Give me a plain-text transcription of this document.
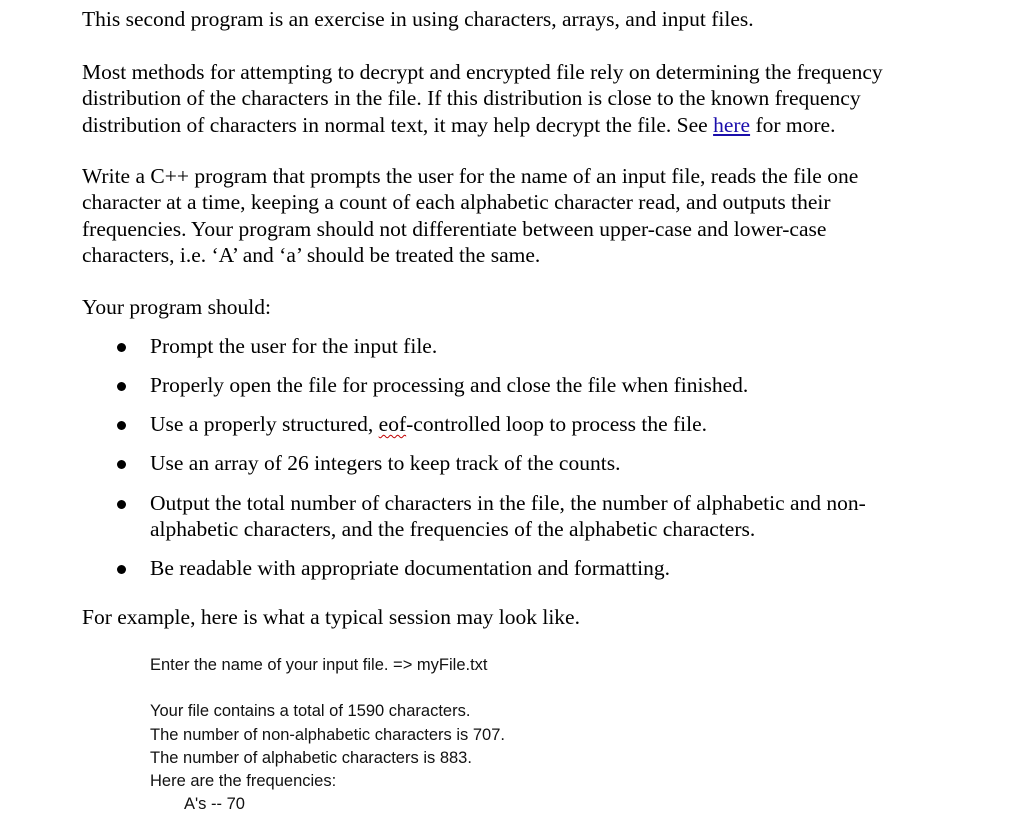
This second program is an exercise in using characters, arrays, and input files.

Most methods for attempting to decrypt and encrypted file rely on determining the frequency
distribution of the characters in the file. If this distribution is close to the known frequency
distribution of characters in normal text, it may help decrypt the file. See here for more.

Write a C++ program that prompts the user for the name of an input file, reads the file one
character at a time, keeping a count of each alphabetic character read, and outputs their
frequencies. Your program should not differentiate between upper-case and lower-case
characters, i.e. ‘A’ and ‘a’ should be treated the same.

Your program should:

Prompt the user for the input file.
Properly open the file for processing and close the file when finished.
Use a properly structured, eof-controlled loop to process the file.
Use an array of 26 integers to keep track of the counts.
Output the total number of characters in the file, the number of alphabetic and non-
alphabetic characters, and the frequencies of the alphabetic characters.
Be readable with appropriate documentation and formatting.

For example, here is what a typical session may look like.

Enter the name of your input file. => myFile.txt
Your file contains a total of 1590 characters.
The number of non-alphabetic characters is 707.
The number of alphabetic characters is 883.
Here are the frequencies:
A's -- 70
